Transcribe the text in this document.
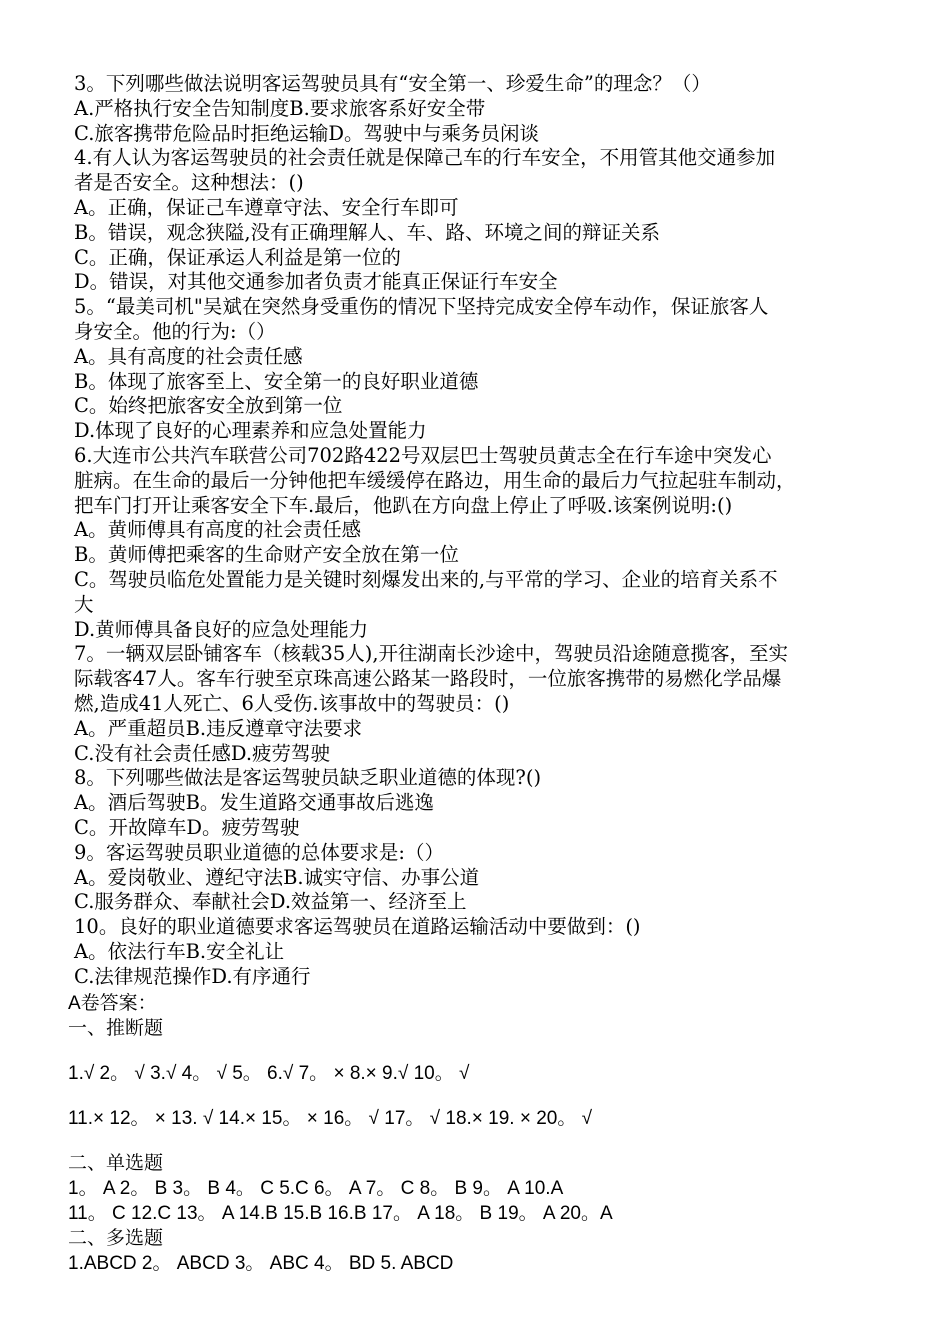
3。下列哪些做法说明客运驾驶员具有“安全第一、珍爱生命”的理念？（）
A.严格执行安全告知制度B.要求旅客系好安全带
C.旅客携带危险品时拒绝运输D。驾驶中与乘务员闲谈
4.有人认为客运驾驶员的社会责任就是保障己车的行车安全，不用管其他交通参加
者是否安全。这种想法：()
A。正确，保证己车遵章守法、安全行车即可
B。错误，观念狭隘,没有正确理解人、车、路、环境之间的辩证关系
C。正确，保证承运人利益是第一位的
D。错误，对其他交通参加者负责才能真正保证行车安全
5。“最美司机"吴斌在突然身受重伤的情况下坚持完成安全停车动作，保证旅客人
身安全。他的行为:（）
A。具有高度的社会责任感
B。体现了旅客至上、安全第一的良好职业道德
C。始终把旅客安全放到第一位
D.体现了良好的心理素养和应急处置能力
6.大连市公共汽车联营公司702路422号双层巴士驾驶员黄志全在行车途中突发心
脏病。在生命的最后一分钟他把车缓缓停在路边，用生命的最后力气拉起驻车制动，
把车门打开让乘客安全下车.最后，他趴在方向盘上停止了呼吸.该案例说明:()
A。黄师傅具有高度的社会责任感
B。黄师傅把乘客的生命财产安全放在第一位
C。驾驶员临危处置能力是关键时刻爆发出来的,与平常的学习、企业的培育关系不
大
D.黄师傅具备良好的应急处理能力
7。一辆双层卧铺客车（核载35人),开往湖南长沙途中，驾驶员沿途随意揽客，至实
际载客47人。客车行驶至京珠高速公路某一路段时，一位旅客携带的易燃化学品爆
燃,造成41人死亡、6人受伤.该事故中的驾驶员：()
A。严重超员B.违反遵章守法要求
C.没有社会责任感D.疲劳驾驶
8。下列哪些做法是客运驾驶员缺乏职业道德的体现?()
A。酒后驾驶B。发生道路交通事故后逃逸
C。开故障车D。疲劳驾驶
9。客运驾驶员职业道德的总体要求是:（）
A。爱岗敬业、遵纪守法B.诚实守信、办事公道
C.服务群众、奉献社会D.效益第一、经济至上
10。良好的职业道德要求客运驾驶员在道路运输活动中要做到：()
A。依法行车B.安全礼让
C.法律规范操作D.有序通行
A卷答案：
一、推断题
1.√ 2。 √ 3.√ 4。 √ 5。 6.√ 7。 × 8.× 9.√ 10。 √
11.× 12。 × 13. √ 14.× 15。 × 16。 √ 17。 √ 18.× 19. × 20。 √
二、单选题
1。 A 2。 B 3。 B 4。 C 5.C 6。 A 7。 C 8。 B 9。 A 10.A
11。 C 12.C 13。 A 14.B 15.B 16.B 17。 A 18。 B 19。 A 20。A
二、多选题
1.ABCD 2。 ABCD 3。 ABC 4。 BD 5. ABCD
